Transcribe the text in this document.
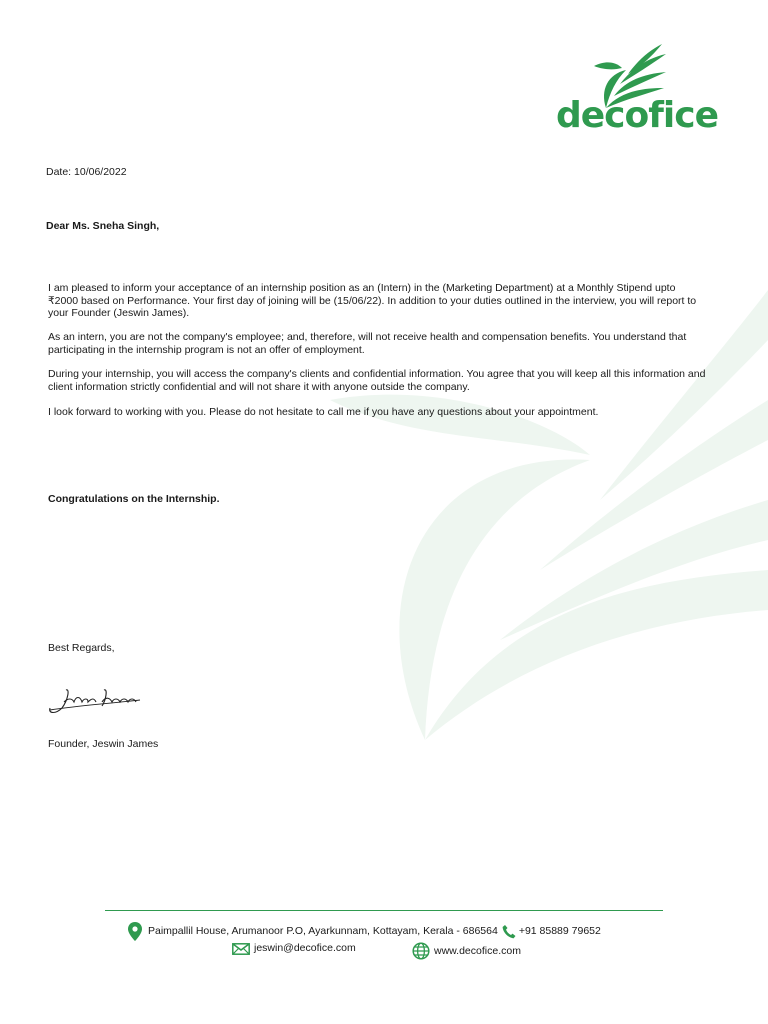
decofice
Date: 10/06/2022
Dear Ms. Sneha Singh,
I am pleased to inform your acceptance of an internship position as an (Intern) in the (Marketing Department) at a Monthly Stipend upto ₹2000 based on Performance. Your first day of joining will be (15/06/22). In addition to your duties outlined in the interview, you will report to your Founder (Jeswin James).
As an intern, you are not the company's employee; and, therefore, will not receive health and compensation benefits. You understand that participating in the internship program is not an offer of employment.
During your internship, you will access the company's clients and confidential information. You agree that you will keep all this information and client information strictly confidential and will not share it with anyone outside the company.
I look forward to working with you. Please do not hesitate to call me if you have any questions about your appointment.
Congratulations on the Internship.
Best Regards,
Founder, Jeswin James
Paimpallil House, Arumanoor P.O, Ayarkunnam, Kottayam, Kerala - 686564 +91 85889 79652
jeswin@decofice.com	www.decofice.com
